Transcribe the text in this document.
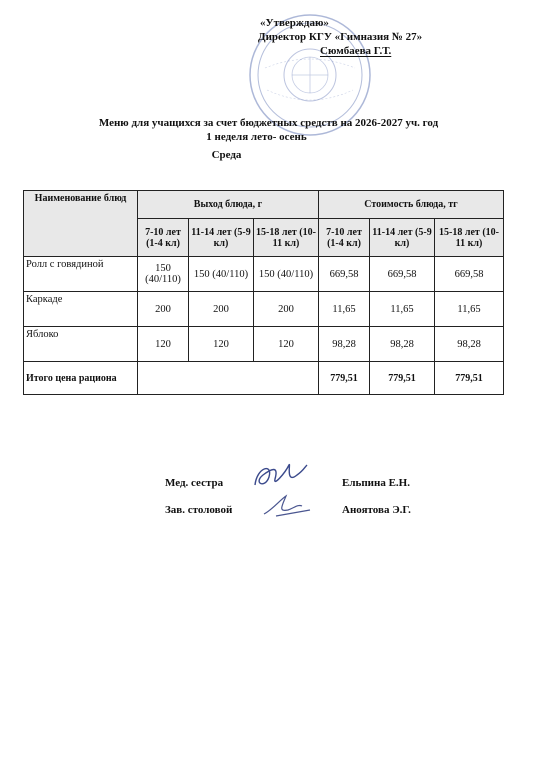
«Утверждаю»
Директор КГУ «Гимназия № 27»
Сюмбаева Г.Т.
Меню для учащихся за счет бюджетных средств на 2026-2027 уч. год
1 неделя лето- осень
Среда
Наименование блюд	Выход блюда, г			Стоимость блюда, тг		
	7-10 лет (1-4 кл)	11-14 лет (5-9 кл)	15-18 лет (10-11 кл)	7-10 лет (1-4 кл)	11-14 лет (5-9 кл)	15-18 лет (10-11 кл)
Ролл с говядиной	150 (40/110)	150 (40/110)	150 (40/110)	669,58	669,58	669,58
Каркаде	200	200	200	11,65	11,65	11,65
Яблоко	120	120	120	98,28	98,28	98,28
Итого цена рациона				779,51	779,51	779,51
Мед. сестра	Ельпина Е.Н.
Зав. столовой	Аноятова Э.Г.
